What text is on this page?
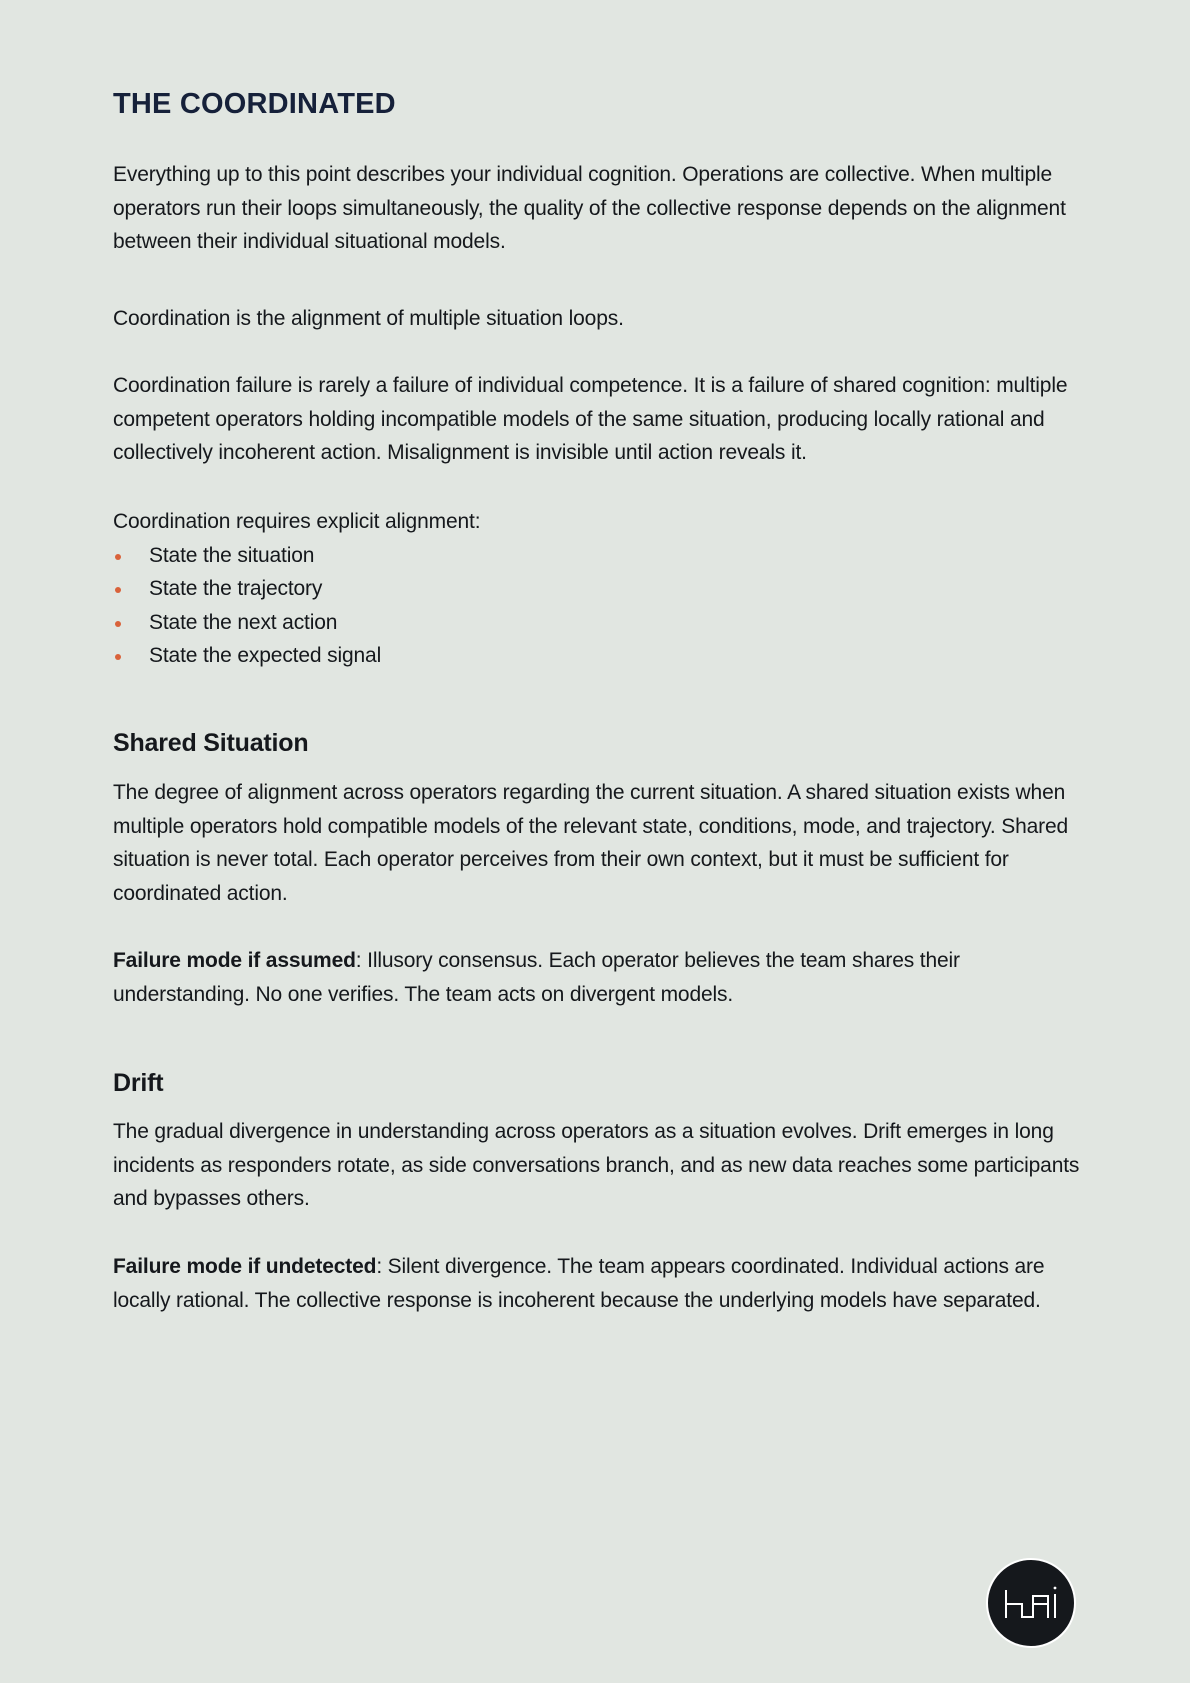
THE COORDINATED

Everything up to this point describes your individual cognition. Operations are collective. When multiple operators run their loops simultaneously, the quality of the collective response depends on the alignment between their individual situational models.

Coordination is the alignment of multiple situation loops.

Coordination failure is rarely a failure of individual competence. It is a failure of shared cognition: multiple competent operators holding incompatible models of the same situation, producing locally rational and collectively incoherent action. Misalignment is invisible until action reveals it.

Coordination requires explicit alignment:

State the situation
State the trajectory
State the next action
State the expected signal
Shared Situation

The degree of alignment across operators regarding the current situation. A shared situation exists when multiple operators hold compatible models of the relevant state, conditions, mode, and trajectory. Shared situation is never total. Each operator perceives from their own context, but it must be sufficient for coordinated action.

Failure mode if assumed: Illusory consensus. Each operator believes the team shares their understanding. No one verifies. The team acts on divergent models.

Drift

The gradual divergence in understanding across operators as a situation evolves. Drift emerges in long incidents as responders rotate, as side conversations branch, and as new data reaches some participants and bypasses others.

Failure mode if undetected: Silent divergence. The team appears coordinated. Individual actions are locally rational. The collective response is incoherent because the underlying models have separated.
